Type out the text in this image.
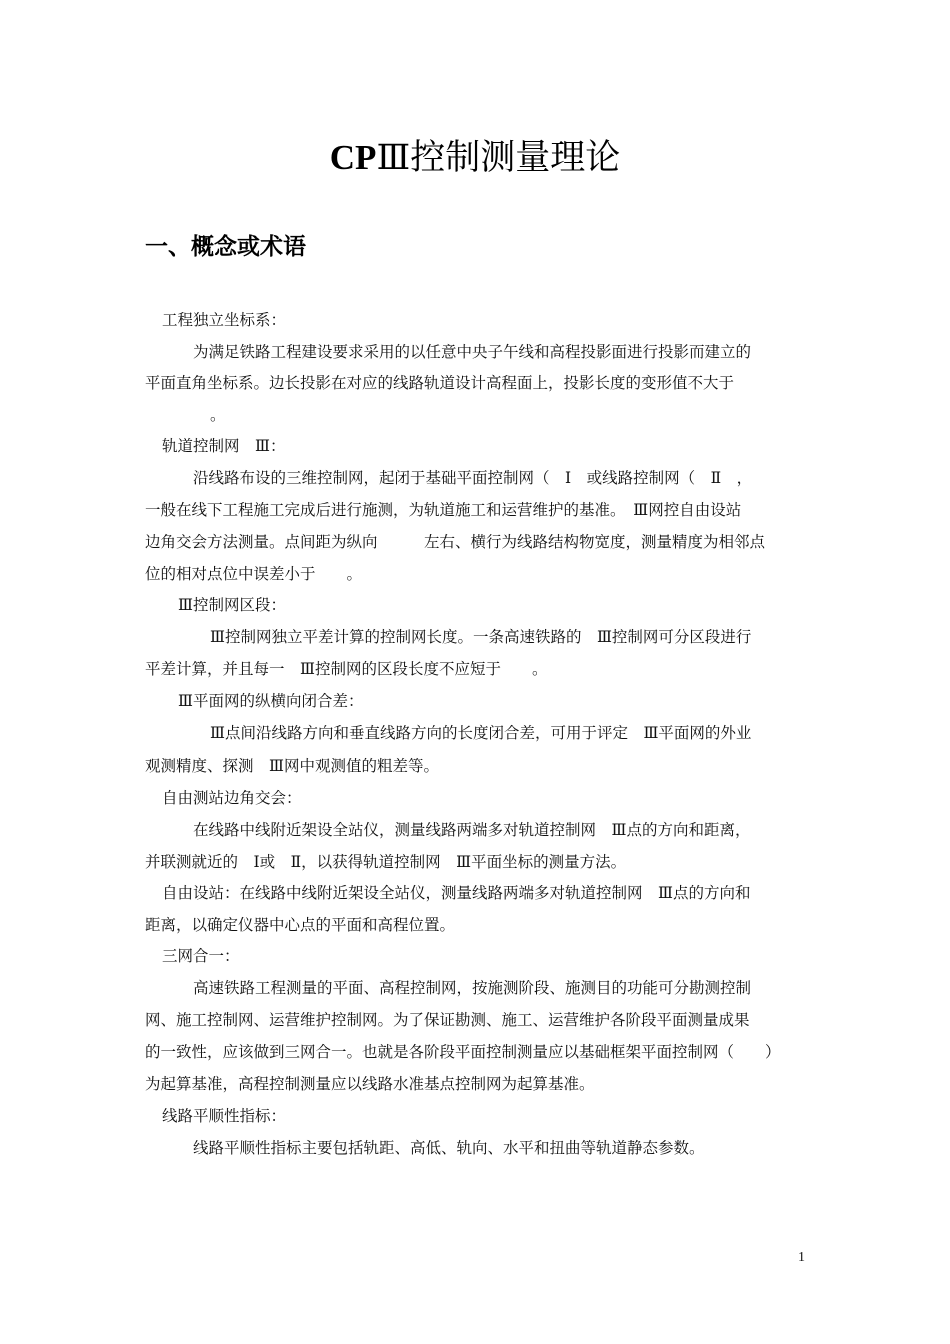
CPⅢ控制测量理论
一、概念或术语
工程独立坐标系：
为满足铁路工程建设要求采用的以任意中央子午线和高程投影面进行投影而建立的
平面直角坐标系。边长投影在对应的线路轨道设计高程面上，投影长度的变形值不大于
。
轨道控制网　Ⅲ：
沿线路布设的三维控制网，起闭于基础平面控制网（　Ⅰ　或线路控制网（　Ⅱ　，
一般在线下工程施工完成后进行施测，为轨道施工和运营维护的基准。　Ⅲ网控自由设站
边角交会方法测量。点间距为纵向　　　左右、横行为线路结构物宽度，测量精度为相邻点
位的相对点位中误差小于　　。
Ⅲ控制网区段：
Ⅲ控制网独立平差计算的控制网长度。一条高速铁路的　Ⅲ控制网可分区段进行
平差计算，并且每一　Ⅲ控制网的区段长度不应短于　　。
Ⅲ平面网的纵横向闭合差：
Ⅲ点间沿线路方向和垂直线路方向的长度闭合差，可用于评定　Ⅲ平面网的外业
观测精度、探测　Ⅲ网中观测值的粗差等。
自由测站边角交会：
在线路中线附近架设全站仪，测量线路两端多对轨道控制网　Ⅲ点的方向和距离，
并联测就近的　Ⅰ或　Ⅱ，以获得轨道控制网　Ⅲ平面坐标的测量方法。
自由设站：在线路中线附近架设全站仪，测量线路两端多对轨道控制网　Ⅲ点的方向和
距离，以确定仪器中心点的平面和高程位置。
三网合一：
高速铁路工程测量的平面、高程控制网，按施测阶段、施测目的功能可分勘测控制
网、施工控制网、运营维护控制网。为了保证勘测、施工、运营维护各阶段平面测量成果
的一致性，应该做到三网合一。也就是各阶段平面控制测量应以基础框架平面控制网（　　）
为起算基准，高程控制测量应以线路水准基点控制网为起算基准。
线路平顺性指标：
线路平顺性指标主要包括轨距、高低、轨向、水平和扭曲等轨道静态参数。
1
